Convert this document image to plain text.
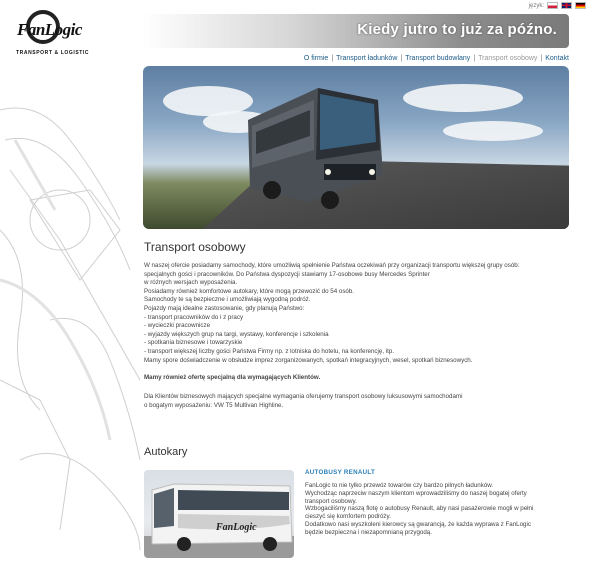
FanLogic
TRANSPORT & LOGISTIC
język:
Kiedy jutro to już za późno.
O firmie | Transport ładunków | Transport budowlany | Transport osobowy | Kontakt
Transport osobowy
W naszej ofercie posiadamy samochody, które umożliwią spełnienie Państwa oczekiwań przy organizacji transportu większej grupy osób:
specjalnych gości i pracowników. Do Państwa dyspozycji stawiamy 17-osobowe busy Mercedes Sprinter
w różnych wersjach wyposażenia.
Posiadamy również komfortowe autokary, które mogą przewozić do 54 osób.
Samochody te są bezpieczne i umożliwiają wygodną podróż.
Pojazdy mają idealne zastosowanie, gdy planują Państwo:
- transport pracowników do i z pracy
- wycieczki pracownicze
- wyjazdy większych grup na targi, wystawy, konferencje i szkolenia
- spotkania biznesowe i towarzyskie
- transport większej liczby gości Państwa Firmy np. z lotniska do hotelu, na konferencję, itp.
Mamy spore doświadczenie w obsłudze imprez zorganizowanych, spotkań integracyjnych, wesel, spotkań biznesowych.
Mamy również ofertę specjalną dla wymagających Klientów.
Dla Klientów biznesowych mających specjalne wymagania oferujemy transport osobowy luksusowymi samochodami
o bogatym wyposażeniu: VW T5 Multivan Highline.
Autokary
FanLogic
AUTOBUSY RENAULT
FanLogic to nie tylko przewóz towarów czy bardzo pilnych ładunków.
Wychodząc naprzeciw naszym klientom wprowadziliśmy do naszej bogatej oferty
transport osobowy.
Wzbogaciliśmy naszą flotę o autobusy Renault, aby nasi pasażerowie mogli w pełni
cieszyć się komfortem podróży.
Dodatkowo nasi wyszkoleni kierowcy są gwarancją, że każda wyprawa z FanLogic
będzie bezpieczna i niezapomnianą przygodą.
